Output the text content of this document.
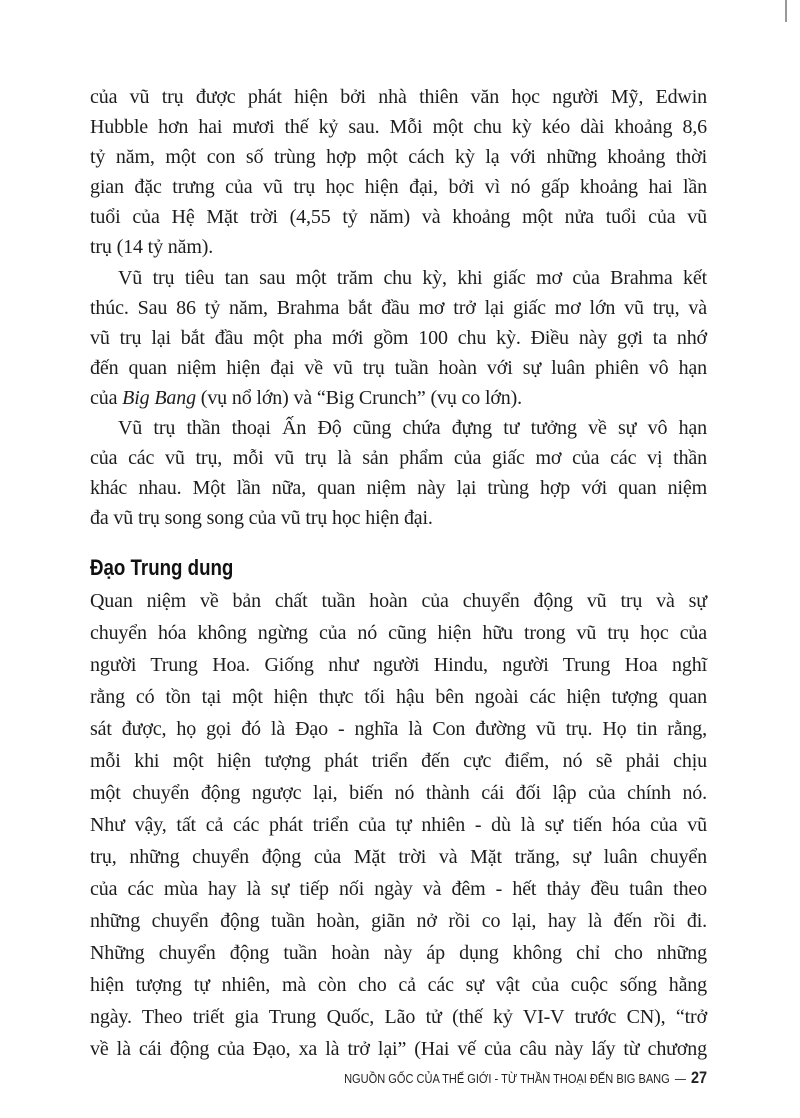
của vũ trụ được phát hiện bởi nhà thiên văn học người Mỹ, Edwin
Hubble hơn hai mươi thế kỷ sau. Mỗi một chu kỳ kéo dài khoảng 8,6
tỷ năm, một con số trùng hợp một cách kỳ lạ với những khoảng thời
gian đặc trưng của vũ trụ học hiện đại, bởi vì nó gấp khoảng hai lần
tuổi của Hệ Mặt trời (4,55 tỷ năm) và khoảng một nửa tuổi của vũ
trụ (14 tỷ năm).
Vũ trụ tiêu tan sau một trăm chu kỳ, khi giấc mơ của Brahma kết
thúc. Sau 86 tỷ năm, Brahma bắt đầu mơ trở lại giấc mơ lớn vũ trụ, và
vũ trụ lại bắt đầu một pha mới gồm 100 chu kỳ. Điều này gợi ta nhớ
đến quan niệm hiện đại về vũ trụ tuần hoàn với sự luân phiên vô hạn
của Big Bang (vụ nổ lớn) và “Big Crunch” (vụ co lớn).
Vũ trụ thần thoại Ấn Độ cũng chứa đựng tư tưởng về sự vô hạn
của các vũ trụ, mỗi vũ trụ là sản phẩm của giấc mơ của các vị thần
khác nhau. Một lần nữa, quan niệm này lại trùng hợp với quan niệm
đa vũ trụ song song của vũ trụ học hiện đại.
Đạo Trung dung
Quan niệm về bản chất tuần hoàn của chuyển động vũ trụ và sự
chuyển hóa không ngừng của nó cũng hiện hữu trong vũ trụ học của
người Trung Hoa. Giống như người Hindu, người Trung Hoa nghĩ
rằng có tồn tại một hiện thực tối hậu bên ngoài các hiện tượng quan
sát được, họ gọi đó là Đạo - nghĩa là Con đường vũ trụ. Họ tin rằng,
mỗi khi một hiện tượng phát triển đến cực điểm, nó sẽ phải chịu
một chuyển động ngược lại, biến nó thành cái đối lập của chính nó.
Như vậy, tất cả các phát triển của tự nhiên - dù là sự tiến hóa của vũ
trụ, những chuyển động của Mặt trời và Mặt trăng, sự luân chuyển
của các mùa hay là sự tiếp nối ngày và đêm - hết thảy đều tuân theo
những chuyển động tuần hoàn, giãn nở rồi co lại, hay là đến rồi đi.
Những chuyển động tuần hoàn này áp dụng không chỉ cho những
hiện tượng tự nhiên, mà còn cho cả các sự vật của cuộc sống hằng
ngày. Theo triết gia Trung Quốc, Lão tử (thế kỷ VI-V trước CN), “trở
về là cái động của Đạo, xa là trở lại” (Hai vế của câu này lấy từ chương
NGUỒN GỐC CỦA THẾ GIỚI - TỪ THẦN THOẠI ĐẾN BIG BANG — 27
